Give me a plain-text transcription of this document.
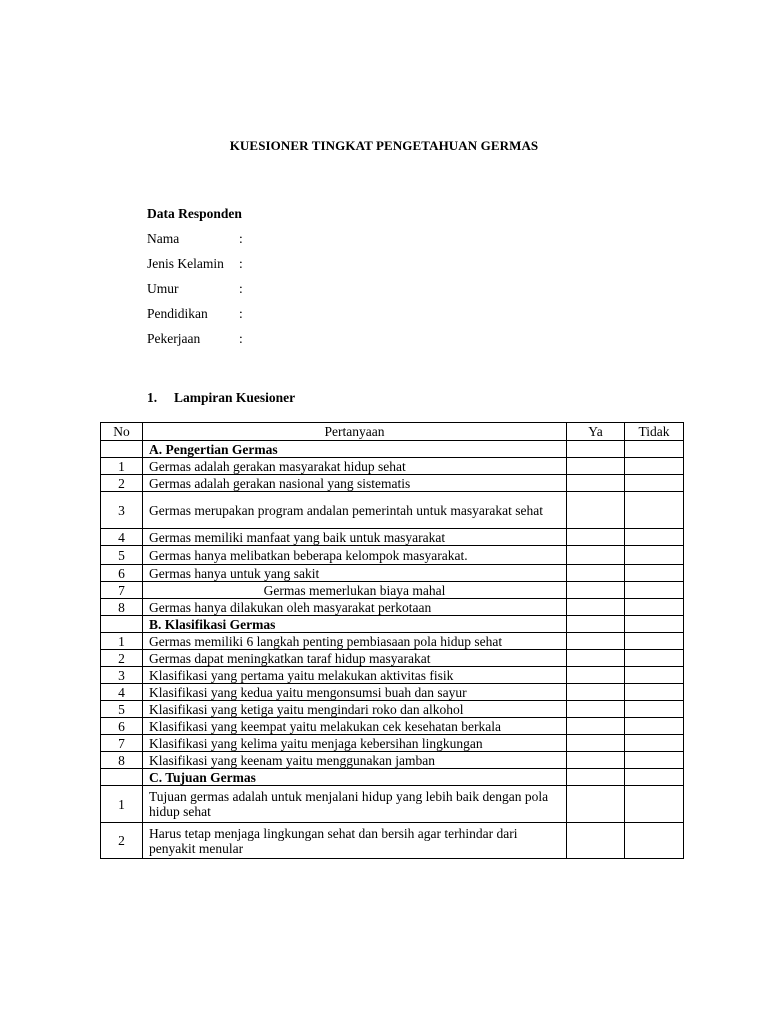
KUESIONER TINGKAT PENGETAHUAN GERMAS
Data Responden
Nama	:
Jenis Kelamin :
Umur	:
Pendidikan :
Pekerjaan	:
1. Lampiran Kuesioner
No	Pertanyaan	Ya	Tidak
	A. Pengertian Germas		
1	Germas adalah gerakan masyarakat hidup sehat		
2	Germas adalah gerakan nasional yang sistematis		
3	Germas merupakan program andalan pemerintah untuk masyarakat sehat		
4	Germas memiliki manfaat yang baik untuk masyarakat		
5	Germas hanya melibatkan beberapa kelompok masyarakat.		
6	Germas hanya untuk yang sakit		
7	Germas memerlukan biaya mahal		
8	Germas hanya dilakukan oleh masyarakat perkotaan		
	B. Klasifikasi Germas		
1	Germas memiliki 6 langkah penting pembiasaan pola hidup sehat		
2	Germas dapat meningkatkan taraf hidup masyarakat		
3	Klasifikasi yang pertama yaitu melakukan aktivitas fisik		
4	Klasifikasi yang kedua yaitu mengonsumsi buah dan sayur		
5	Klasifikasi yang ketiga yaitu mengindari roko dan alkohol		
6	Klasifikasi yang keempat yaitu melakukan cek kesehatan berkala		
7	Klasifikasi yang kelima yaitu menjaga kebersihan lingkungan		
8	Klasifikasi yang keenam yaitu menggunakan jamban		
	C. Tujuan Germas		
1	Tujuan germas adalah untuk menjalani hidup yang lebih baik dengan pola hidup sehat		
2	Harus tetap menjaga lingkungan sehat dan bersih agar terhindar dari penyakit menular		
